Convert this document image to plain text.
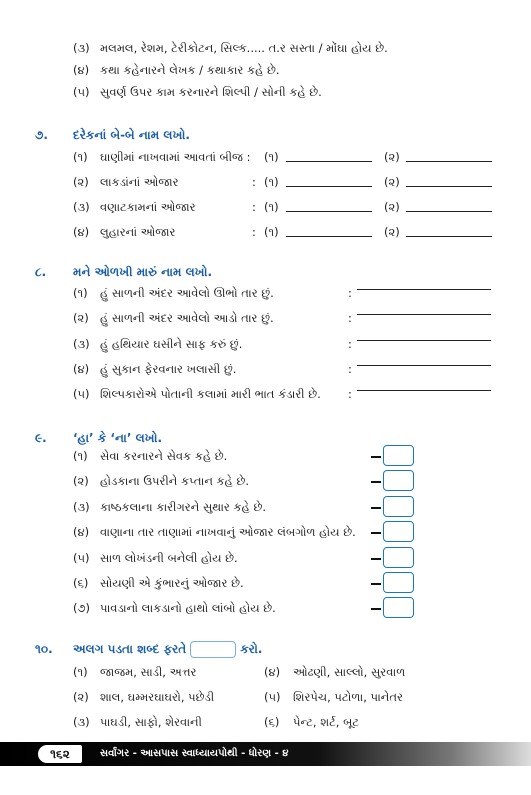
(૩) મલમલ, રેશમ, ટેરીકોટન, સિલ્ક..... ત.ર સસ્તા / મોંઘા હોય છે.
(૪) કથા કહેનારને લેખક / કથાકાર કહે છે.
(૫) સુવર્ણ ઉપર કામ કરનારને શિલ્પી / સોની કહે છે.
૭. દરેકનાં બે-બે નામ લખો.
(૧) ઘાણીમાં નાખવામાં આવતાં બીજ : (૧)	(૨)
(૨) લાકડાંનાં ઓજાર	: (૧)	(૨)
(૩) વણાટકામનાં ઓજાર	: (૧)	(૨)
(૪) લુહારનાં ઓજાર	: (૧)	(૨)
૮. મને ઓળખી મારું નામ લખો.
(૧) હું સાળની અંદર આવેલો ઊભો તાર છું.	:
(૨) હું સાળની અંદર આવેલો આડો તાર છું.	:
(૩) હું હથિયાર ઘસીને સાફ કરું છું.	:
(૪) હું સુકાન ફેરવનાર ખલાસી છું.	:
(૫) શિલ્પકારોએ પોતાની કલામાં મારી ભાત કંડારી છે. :
૯. ‘હા’ કે ‘ના’ લખો.
(૧) સેવા કરનારને સેવક કહે છે.
(૨) હોડકાના ઉપરીને કપ્તાન કહે છે.
(૩) કાષ્ઠકલાના કારીગરને સુથાર કહે છે.
(૪) વાણાના તાર તાણામાં નાખવાનું ઓજાર લંબગોળ હોય છે.
(૫) સાળ લોખંડની બનેલી હોય છે.
(૬) સોયણી એ કુંભારનું ઓજાર છે.
(૭) પાવડાનો લાકડાનો હાથો લાંબો હોય છે.
૧૦. અલગ પડતા શબ્દ ફરતે	કરો.
(૧) જાજમ, સાડી, અત્તર	(૪) ઓઢણી, સાલ્લો, સુરવાળ
(૨) શાલ, ઘમ્મરઘાઘરો, પછેડી	(૫) શિરપેચ, પટોળા, પાનેતર
(૩) પાઘડી, સાફો, શેરવાની	(૬) પેન્ટ, શર્ટ, બૂટ
૧૬૨	સર્વાંગર - આસપાસ સ્વાધ્યાયપોથી - ધોરણ - ૪
